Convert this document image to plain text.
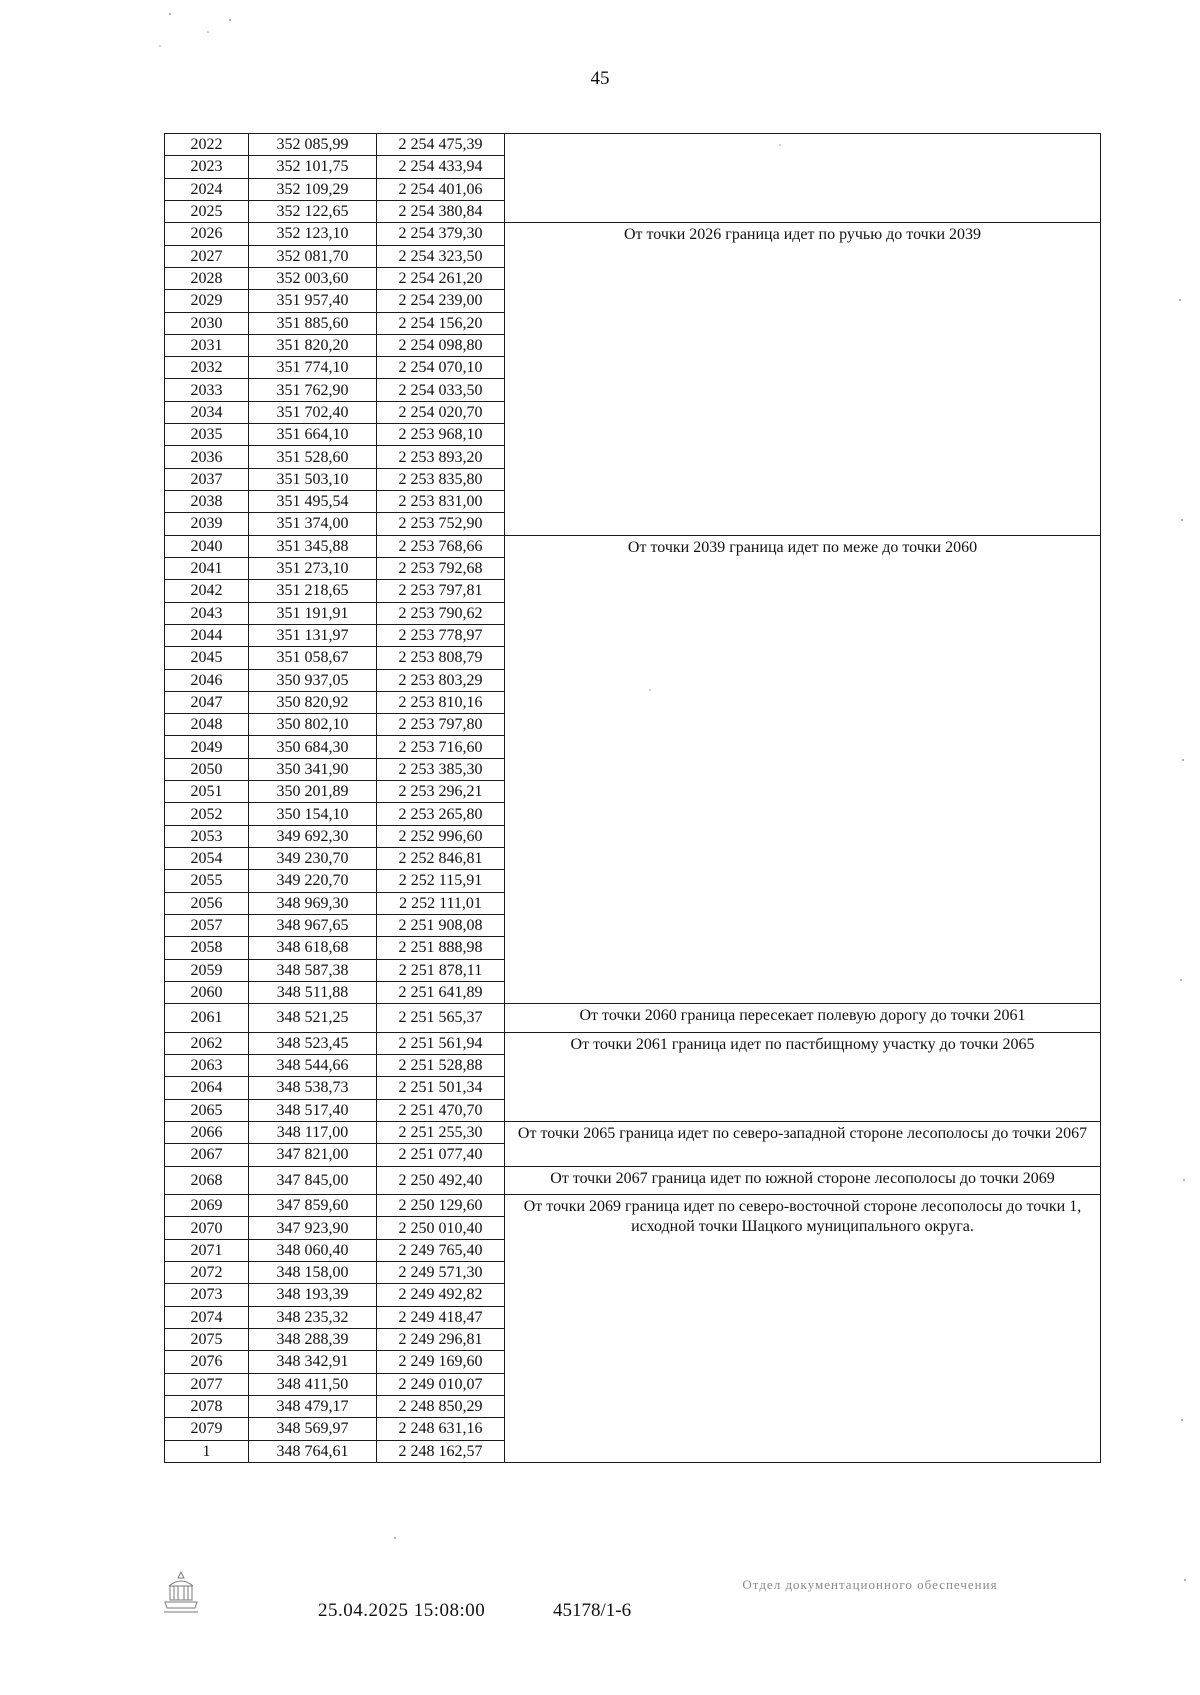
45
2022	352 085,99	2 254 475,39	
2023	352 101,75	2 254 433,94	
2024	352 109,29	2 254 401,06	
2025	352 122,65	2 254 380,84	
2026	352 123,10	2 254 379,30	От точки 2026 граница идет по ручью до точки 2039
2027	352 081,70	2 254 323,50	
2028	352 003,60	2 254 261,20	
2029	351 957,40	2 254 239,00	
2030	351 885,60	2 254 156,20	
2031	351 820,20	2 254 098,80	
2032	351 774,10	2 254 070,10	
2033	351 762,90	2 254 033,50	
2034	351 702,40	2 254 020,70	
2035	351 664,10	2 253 968,10	
2036	351 528,60	2 253 893,20	
2037	351 503,10	2 253 835,80	
2038	351 495,54	2 253 831,00	
2039	351 374,00	2 253 752,90	
2040	351 345,88	2 253 768,66	От точки 2039 граница идет по меже до точки 2060
2041	351 273,10	2 253 792,68	
2042	351 218,65	2 253 797,81	
2043	351 191,91	2 253 790,62	
2044	351 131,97	2 253 778,97	
2045	351 058,67	2 253 808,79	
2046	350 937,05	2 253 803,29	
2047	350 820,92	2 253 810,16	
2048	350 802,10	2 253 797,80	
2049	350 684,30	2 253 716,60	
2050	350 341,90	2 253 385,30	
2051	350 201,89	2 253 296,21	
2052	350 154,10	2 253 265,80	
2053	349 692,30	2 252 996,60	
2054	349 230,70	2 252 846,81	
2055	349 220,70	2 252 115,91	
2056	348 969,30	2 252 111,01	
2057	348 967,65	2 251 908,08	
2058	348 618,68	2 251 888,98	
2059	348 587,38	2 251 878,11	
2060	348 511,88	2 251 641,89	
2061	348 521,25	2 251 565,37	От точки 2060 граница пересекает полевую дорогу до точки 2061
2062	348 523,45	2 251 561,94	От точки 2061 граница идет по пастбищному участку до точки 2065
2063	348 544,66	2 251 528,88	
2064	348 538,73	2 251 501,34	
2065	348 517,40	2 251 470,70	
2066	348 117,00	2 251 255,30	От точки 2065 граница идет по северо-западной стороне лесополосы до точки 2067
2067	347 821,00	2 251 077,40	
2068	347 845,00	2 250 492,40	От точки 2067 граница идет по южной стороне лесополосы до точки 2069
2069	347 859,60	2 250 129,60	От точки 2069 граница идет по северо-восточной стороне лесополосы до точки 1, исходной точки Шацкого муниципального округа.
2070	347 923,90	2 250 010,40	
2071	348 060,40	2 249 765,40	
2072	348 158,00	2 249 571,30	
2073	348 193,39	2 249 492,82	
2074	348 235,32	2 249 418,47	
2075	348 288,39	2 249 296,81	
2076	348 342,91	2 249 169,60	
2077	348 411,50	2 249 010,07	
2078	348 479,17	2 248 850,29	
2079	348 569,97	2 248 631,16	
1	348 764,61	2 248 162,57	
25.04.2025 15:08:00	45178/1-6
Отдел документационного обеспечения
